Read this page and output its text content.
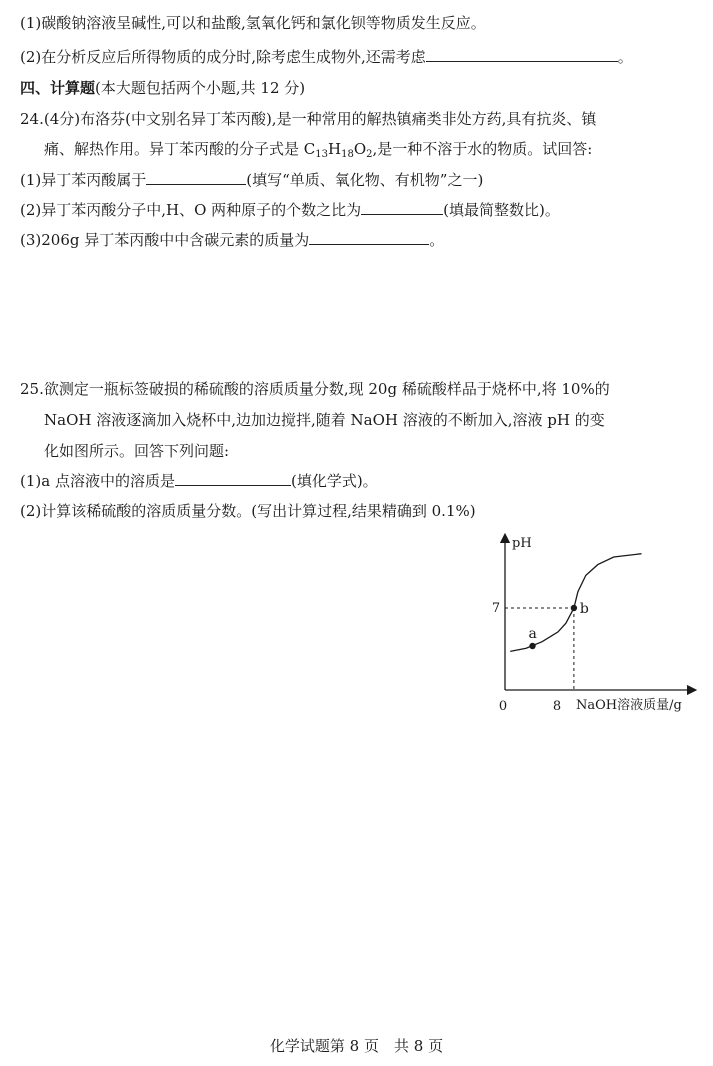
(1)碳酸钠溶液呈碱性,可以和盐酸,氢氧化钙和氯化钡等物质发生反应。
(2)在分析反应后所得物质的成分时,除考虑生成物外,还需考虑	。
四、计算题(本大题包括两个小题,共 12 分)
24.(4分)布洛芬(中文别名异丁苯丙酸),是一种常用的解热镇痛类非处方药,具有抗炎、镇
痛、解热作用。异丁苯丙酸的分子式是 $C_{13}H_{18}O_2$,是一种不溶于水的物质。试回答:
(1)异丁苯丙酸属于	(填写“单质、氧化物、有机物”之一)
(2)异丁苯丙酸分子中,H、O 两种原子的个数之比为	(填最简整数比)。
(3)206g 异丁苯丙酸中中含碳元素的质量为	。
25.欲测定一瓶标签破损的稀硫酸的溶质质量分数,现 20g 稀硫酸样品于烧杯中,将 10%的
NaOH 溶液逐滴加入烧杯中,边加边搅拌,随着 NaOH 溶液的不断加入,溶液 pH 的变
化如图所示。回答下列问题:
(1)a 点溶液中的溶质是	(填化学式)。
(2)计算该稀硫酸的溶质质量分数。(写出计算过程,结果精确到 0.1%)
pH
NaOH溶液质量/g
0	8
7
a
b
化学试题第 8 页　共 8 页
